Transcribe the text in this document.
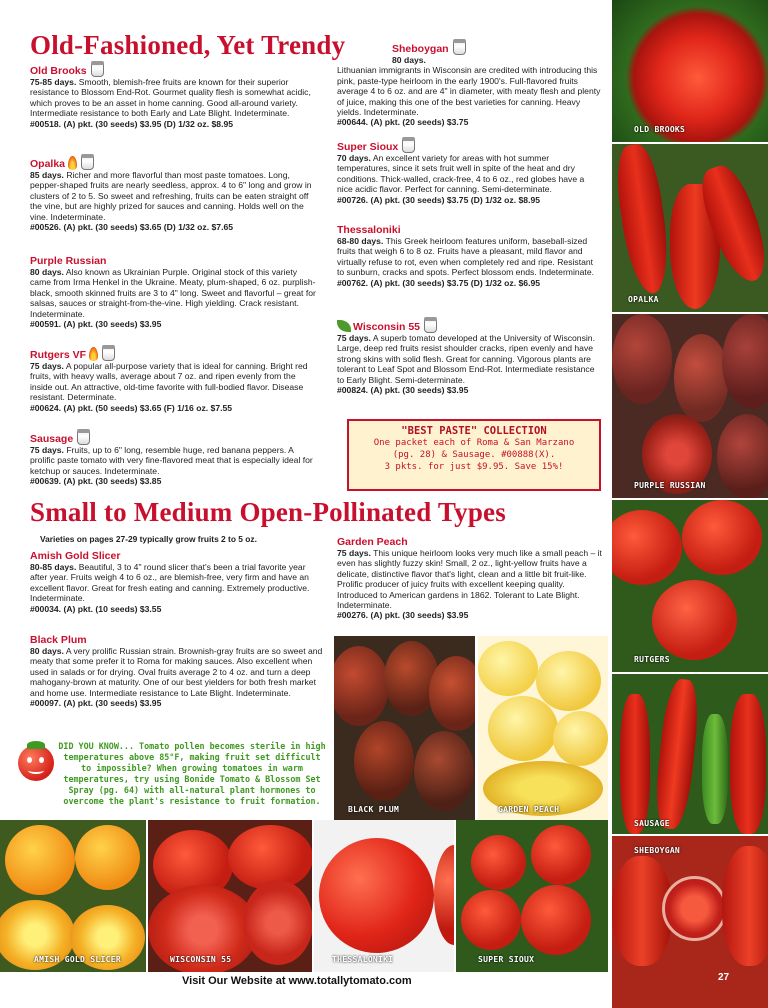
Old-Fashioned, Yet Trendy
Small to Medium Open-Pollinated Types
Varieties on pages 27-29 typically grow fruits 2 to 5 oz.
Old Brooks
75-85 days. Smooth, blemish-free fruits are known for their superior resistance to Blossom End-Rot. Gourmet quality flesh is somewhat acidic, which proves to be an asset in home canning. Good all-around variety. Intermediate resistance to both Early and Late Blight. Indeterminate.
#00518. (A) pkt. (30 seeds) $3.95 (D) 1/32 oz. $8.95
Opalka
85 days. Richer and more flavorful than most paste tomatoes. Long, pepper-shaped fruits are nearly seedless, approx. 4 to 6" long and grow in clusters of 2 to 5. So sweet and refreshing, fruits can be eaten straight off the vine, but are highly prized for sauces and canning. Holds well on the vine. Indeterminate.
#00526. (A) pkt. (30 seeds) $3.65 (D) 1/32 oz. $7.65
Purple Russian
80 days. Also known as Ukrainian Purple. Original stock of this variety came from Irma Henkel in the Ukraine. Meaty, plum-shaped, 6 oz. purplish-black, smooth skinned fruits are 3 to 4" long. Sweet and flavorful – great for salsas, sauces or straight-from-the-vine. High yielding. Crack resistant. Indeterminate.
#00591. (A) pkt. (30 seeds) $3.95
Rutgers VF
75 days. A popular all-purpose variety that is ideal for canning. Bright red fruits, with heavy walls, average about 7 oz. and ripen evenly from the inside out. An attractive, old-time favorite with full-bodied flavor. Disease resistant. Determinate.
#00624. (A) pkt. (50 seeds) $3.65 (F) 1/16 oz. $7.55
Sausage
75 days. Fruits, up to 6" long, resemble huge, red banana peppers. A prolific paste tomato with very fine-flavored meat that is especially ideal for ketchup or sauces. Indeterminate.
#00639. (A) pkt. (30 seeds) $3.85
Sheboygan
80 days.
Lithuanian immigrants in Wisconsin are credited with introducing this pink, paste-type heirloom in the early 1900's. Full-flavored fruits average 4 to 6 oz. and are 4" in diameter, with meaty flesh and plenty of juice, making this one of the best varieties for canning. Heavy yields. Indeterminate.
#00644. (A) pkt. (20 seeds) $3.75
Super Sioux
70 days. An excellent variety for areas with hot summer temperatures, since it sets fruit well in spite of the heat and dry conditions. Thick-walled, crack-free, 4 to 6 oz., red globes have a nice acidic flavor. Perfect for canning. Semi-determinate.
#00726. (A) pkt. (30 seeds) $3.75 (D) 1/32 oz. $8.95
Thessaloniki
68-80 days. This Greek heirloom features uniform, baseball-sized fruits that weigh 6 to 8 oz. Fruits have a pleasant, mild flavor and virtually refuse to rot, even when completely red and ripe. Resistant to sunburn, cracks and spots. Perfect blossom ends. Indeterminate.
#00762. (A) pkt. (30 seeds) $3.75 (D) 1/32 oz. $6.95
Wisconsin 55
75 days. A superb tomato developed at the University of Wisconsin. Large, deep red fruits resist shoulder cracks, ripen evenly and have strong skins with solid flesh. Great for canning. Vigorous plants are tolerant to Leaf Spot and Blossom End-Rot. Intermediate resistance to Early Blight. Semi-determinate.
#00824. (A) pkt. (30 seeds) $3.95
"BEST PASTE" COLLECTION
One packet each of Roma & San Marzano
(pg. 28) & Sausage. #00888(X).
3 pkts. for just $9.95. Save 15%!
Amish Gold Slicer
80-85 days. Beautiful, 3 to 4" round slicer that's been a trial favorite year after year. Fruits weigh 4 to 6 oz., are blemish-free, very firm and have an excellent flavor. Great for fresh eating and canning. Extremely productive. Indeterminate.
#00034. (A) pkt. (10 seeds) $3.55
Black Plum
80 days. A very prolific Russian strain. Brownish-gray fruits are so sweet and meaty that some prefer it to Roma for making sauces. Also excellent when used in salads or for drying. Oval fruits average 2 to 4 oz. and turn a deep mahogany-brown at maturity. One of our best yielders for both fresh market and home use. Intermediate resistance to Late Blight. Indeterminate.
#00097. (A) pkt. (30 seeds) $3.95
Garden Peach
75 days. This unique heirloom looks very much like a small peach – it even has slightly fuzzy skin! Small, 2 oz., light-yellow fruits have a delicate, distinctive flavor that's light, clean and a little bit fruit-like. Prolific producer of juicy fruits with excellent keeping quality. Introduced to American gardens in 1862. Tolerant to Late Blight. Indeterminate.
#00276. (A) pkt. (30 seeds) $3.95
DID YOU KNOW... Tomato pollen becomes sterile in high temperatures above 85°F, making fruit set difficult to impossible? When growing tomatoes in warm temperatures, try using Bonide Tomato & Blossom Set Spray (pg. 64) with all-natural plant hormones to overcome the plant's resistance to fruit formation.
OLD BROOKS
OPALKA
PURPLE RUSSIAN
RUTGERS
SAUSAGE
SHEBOYGAN
27
BLACK PLUM	GARDEN PEACH
AMISH GOLD SLICER	WISCONSIN 55	THESSALONIKI	SUPER SIOUX
Visit Our Website at www.totallytomato.com
